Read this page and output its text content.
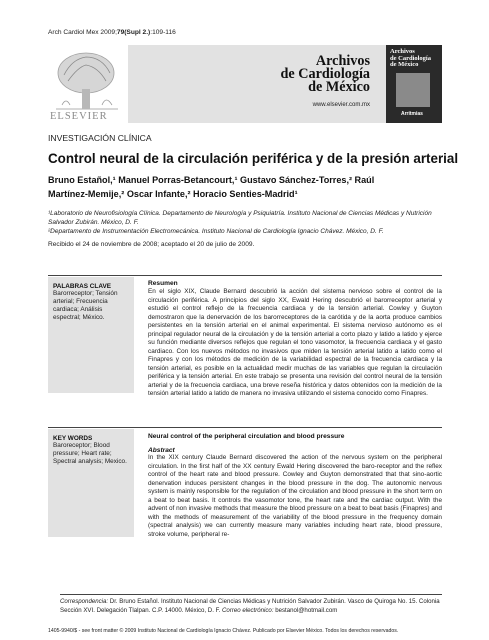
Arch Cardiol Mex 2009;79(Supl 2.):109-116
ELSEVIER
Archivos
de Cardiología
de México
www.elsevier.com.mx
Archivos
de Cardiología
de México
Arritmias
INVESTIGACIÓN CLÍNICA
Control neural de la circulación periférica y de la presión arterial
Bruno Estañol,¹ Manuel Porras-Betancourt,¹ Gustavo Sánchez-Torres,² Raúl
Martínez-Memije,² Oscar Infante,² Horacio Senties-Madrid¹
¹Laboratorio de Neurofisiología Clínica. Departamento de Neurología y Psiquiatría. Instituto Nacional de Ciencias Médicas y Nutrición Salvador Zubirán. México, D. F.
²Departamento de Instrumentación Electromecánica. Instituto Nacional de Cardiología Ignacio Chávez. México, D. F.
Recibido el 24 de noviembre de 2008; aceptado el 20 de julio de 2009.
PALABRAS CLAVE
Barorreceptor; Tensión arterial; Frecuencia cardiaca; Análisis espectral; México.
Resumen
En el siglo XIX, Claude Bernard descubrió la acción del sistema nervioso sobre el control de la circulación periférica. A principios del siglo XX, Ewald Hering descubrió el barorreceptor arterial y estudió el control reflejo de la frecuencia cardiaca y de la tensión arterial. Cowley y Guyton demostraron que la denervación de los barorreceptores de la carótida y de la aorta produce cambios persistentes en la tensión arterial en el animal experimental. El sistema nervioso autónomo es el principal regulador neural de la circulación y de la tensión arterial a corto plazo y latido a latido y ejerce su función mediante diversos reflejos que regulan el tono vasomotor, la frecuencia cardiaca y el gasto cardiaco. Con los nuevos métodos no invasivos que miden la tensión arterial latido a latido como el Finapres y con los métodos de medición de la variabilidad espectral de la frecuencia cardiaca y la tensión arterial, es posible en la actualidad medir muchas de las variables que regulan la circulación periférica y la tensión arterial. En este trabajo se presenta una revisión del control neural de la tensión arterial y de la frecuencia cardiaca, una breve reseña histórica y datos obtenidos con la medición de la tensión arterial latido a latido de manera no invasiva utilizando el sistema conocido como Finapres.
KEY WORDS
Baroreceptor; Blood pressure; Heart rate; Spectral analysis; Mexico.
Neural control of the peripheral circulation and blood pressure
Abstract
In the XIX century Claude Bernard discovered the action of the nervous system on the peripheral circulation. In the first half of the XX century Ewald Hering discovered the baro-receptor and the reflex control of the heart rate and blood pressure. Cowley and Guyton demonstrated that that sino-aortic denervation induces persistent changes in the blood pressure in the dog. The autonomic nervous system is mainly responsible for the regulation of the circulation and blood pressure in the short term on a beat to beat basis. It controls the vasomotor tone, the heart rate and the cardiac output. With the advent of non invasive methods that measure the blood pressure on a beat to beat basis (Finapres) and with the methods of measurement of the variability of the blood pressure in the frequency domain (spectral analysis) we can currently measure many variables including heart rate, blood pressure, stroke volume, peripheral re-
Correspondencia: Dr. Bruno Estañol. Instituto Nacional de Ciencias Médicas y Nutrición Salvador Zubirán. Vasco de Quiroga No. 15. Colonia Sección XVI. Delegación Tlalpan. C.P. 14000. México, D. F. Correo electrónico: bestanol@hotmail.com
1405-9940/$ - see front matter © 2009 Instituto Nacional de Cardiología Ignacio Chávez. Publicado por Elsevier México. Todos los derechos reservados.
